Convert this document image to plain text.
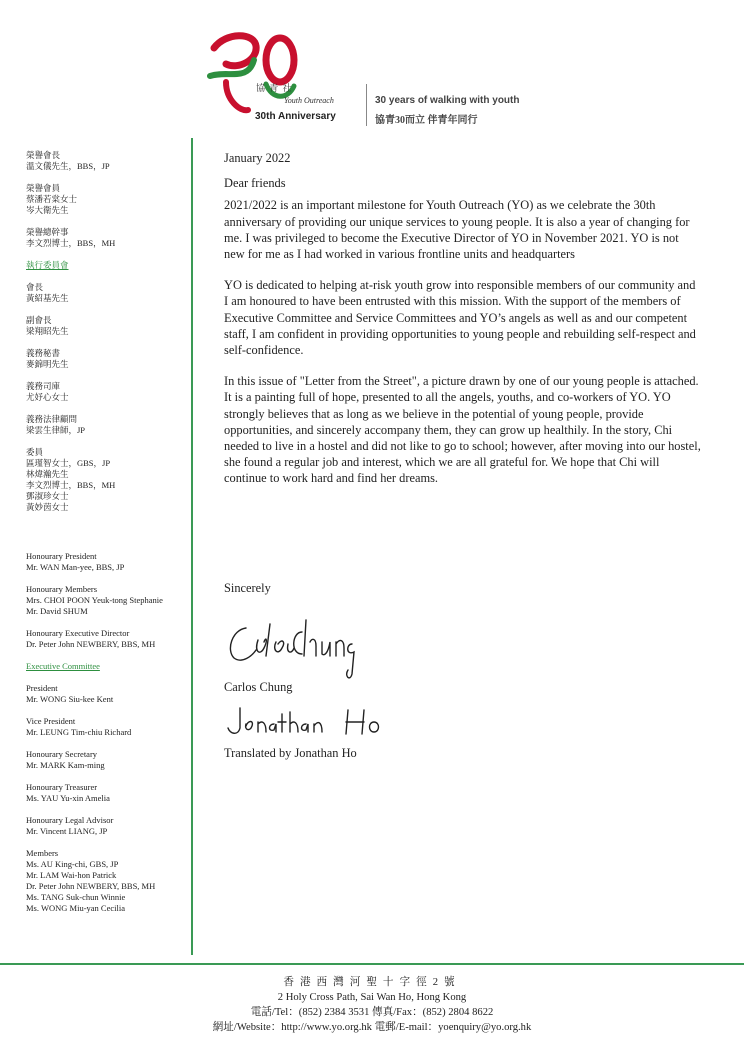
協 青 社
Youth Outreach
30th Anniversary
30 years of walking with youth
協青30而立 伴青年同行
榮譽會長
溫文儀先生，BBS，JP
榮譽會員
蔡潘若棠女士
岑大衛先生
榮譽總幹事
李文烈博士，BBS，MH
執行委員會
會長
黃紹基先生
副會長
梁翔昭先生
義務秘書
麥錦明先生
義務司庫
尤妤心女士
義務法律顧問
梁雲生律師，JP
委員
區瑾智女士，GBS，JP
林煒瀚先生
李文烈博士，BBS，MH
鄧淑珍女士
黃妙茵女士
Honourary President
Mr. WAN Man-yee, BBS, JP
Honourary Members
Mrs. CHOI POON Yeuk-tong Stephanie
Mr. David SHUM
Honourary Executive Director
Dr. Peter John NEWBERY, BBS, MH
Executive Committee
President
Mr. WONG Siu-kee Kent
Vice President
Mr. LEUNG Tim-chiu Richard
Honourary Secretary
Mr. MARK Kam-ming
Honourary Treasurer
Ms. YAU Yu-xin Amelia
Honourary Legal Advisor
Mr. Vincent LIANG, JP
Members
Ms. AU King-chi, GBS, JP
Mr. LAM Wai-hon Patrick
Dr. Peter John NEWBERY, BBS, MH
Ms. TANG Suk-chun Winnie
Ms. WONG Miu-yan Cecilia

January 2022

Dear friends

2021/2022 is an important milestone for Youth Outreach (YO) as we celebrate the 30th anniversary of providing our unique services to young people. It is also a year of changing for me. I was privileged to become the Executive Director of YO in November 2021. YO is not new for me as I had worked in various frontline units and headquarters

YO is dedicated to helping at-risk youth grow into responsible members of our community and I am honoured to have been entrusted with this mission. With the support of the members of Executive Committee and Service Committees and YO’s angels as well as and our competent staff, I am confident in providing opportunities to young people and rebuilding self-respect and self-confidence.

In this issue of "Letter from the Street", a picture drawn by one of our young people is attached. It is a painting full of hope, presented to all the angels, youths, and co-workers of YO. YO strongly believes that as long as we believe in the potential of young people, provide opportunities, and sincerely accompany them, they can grow up healthily. In the story, Chi needed to live in a hostel and did not like to go to school; however, after moving into our hostel, she found a regular job and interest, which we are all grateful for. We hope that Chi will continue to work hard and find her dreams.

Sincerely
Carlos Chung
Translated by Jonathan Ho
香港西灣河聖十字徑2號
2 Holy Cross Path, Sai Wan Ho, Hong Kong
電話/Tel：(852) 2384 3531 傳真/Fax：(852) 2804 8622
網址/Website：http://www.yo.org.hk 電郵/E-mail：yoenquiry@yo.org.hk
